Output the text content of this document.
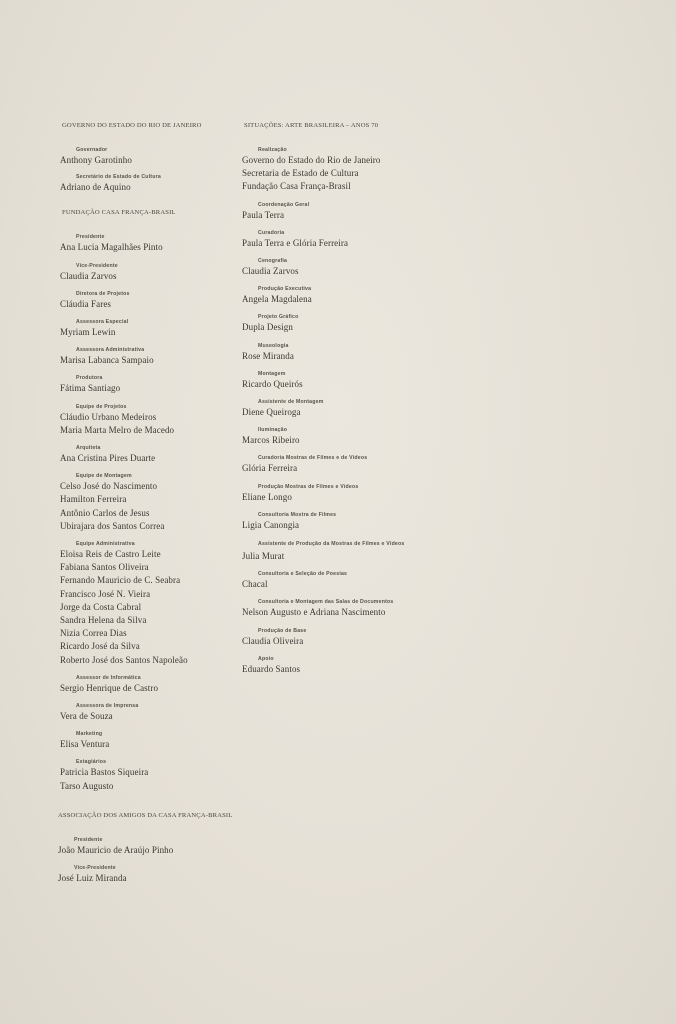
GOVERNO DO ESTADO DO RIO DE JANEIRO
Governador
Anthony Garotinho
Secretário de Estado de Cultura
Adriano de Aquino
FUNDAÇÃO CASA FRANÇA-BRASIL
Presidente
Ana Lucia Magalhães Pinto
Vice-Presidente
Claudia Zarvos
Diretora de Projetos
Cláudia Fares
Assessora Especial
Myriam Lewin
Assessora Administrativa
Marisa Labanca Sampaio
Produtora
Fátima Santiago
Equipe de Projetos
Cláudio Urbano Medeiros
Maria Marta Melro de Macedo
Arquiteta
Ana Cristina Pires Duarte
Equipe de Montagem
Celso José do Nascimento
Hamilton Ferreira
Antônio Carlos de Jesus
Ubirajara dos Santos Correa
Equipe Administrativa
Eloisa Reis de Castro Leite
Fabiana Santos Oliveira
Fernando Mauricio de C. Seabra
Francisco José N. Vieira
Jorge da Costa Cabral
Sandra Helena da Silva
Nizia Correa Dias
Ricardo José da Silva
Roberto José dos Santos Napoleão
Assessor de Informática
Sergio Henrique de Castro
Assessora de Imprensa
Vera de Souza
Marketing
Elisa Ventura
Estagiários
Patricia Bastos Siqueira
Tarso Augusto
ASSOCIAÇÃO DOS AMIGOS DA CASA FRANÇA-BRASIL
Presidente
João Mauricio de Araújo Pinho
Vice-Presidente
José Luiz Miranda
SITUAÇÕES: ARTE BRASILEIRA – ANOS 70
Realização
Governo do Estado do Rio de Janeiro
Secretaria de Estado de Cultura
Fundação Casa França-Brasil
Coordenação Geral
Paula Terra
Curadoria
Paula Terra e Glória Ferreira
Cenografia
Claudia Zarvos
Produção Executiva
Angela Magdalena
Projeto Gráfico
Dupla Design
Museologia
Rose Miranda
Montagem
Ricardo Queirós
Assistente de Montagem
Diene Queiroga
Iluminação
Marcos Ribeiro
Curadoria Mostras de Filmes e de Vídeos
Glória Ferreira
Produção Mostras de Filmes e Vídeos
Eliane Longo
Consultoria Mostra de Filmes
Ligia Canongia
Assistente de Produção da Mostras de Filmes e Vídeos
Julia Murat
Consultoria e Seleção de Poesias
Chacal
Consultoria e Montagem das Salas de Documentos
Nelson Augusto e Adriana Nascimento
Produção de Base
Claudia Oliveira
Apoio
Eduardo Santos
